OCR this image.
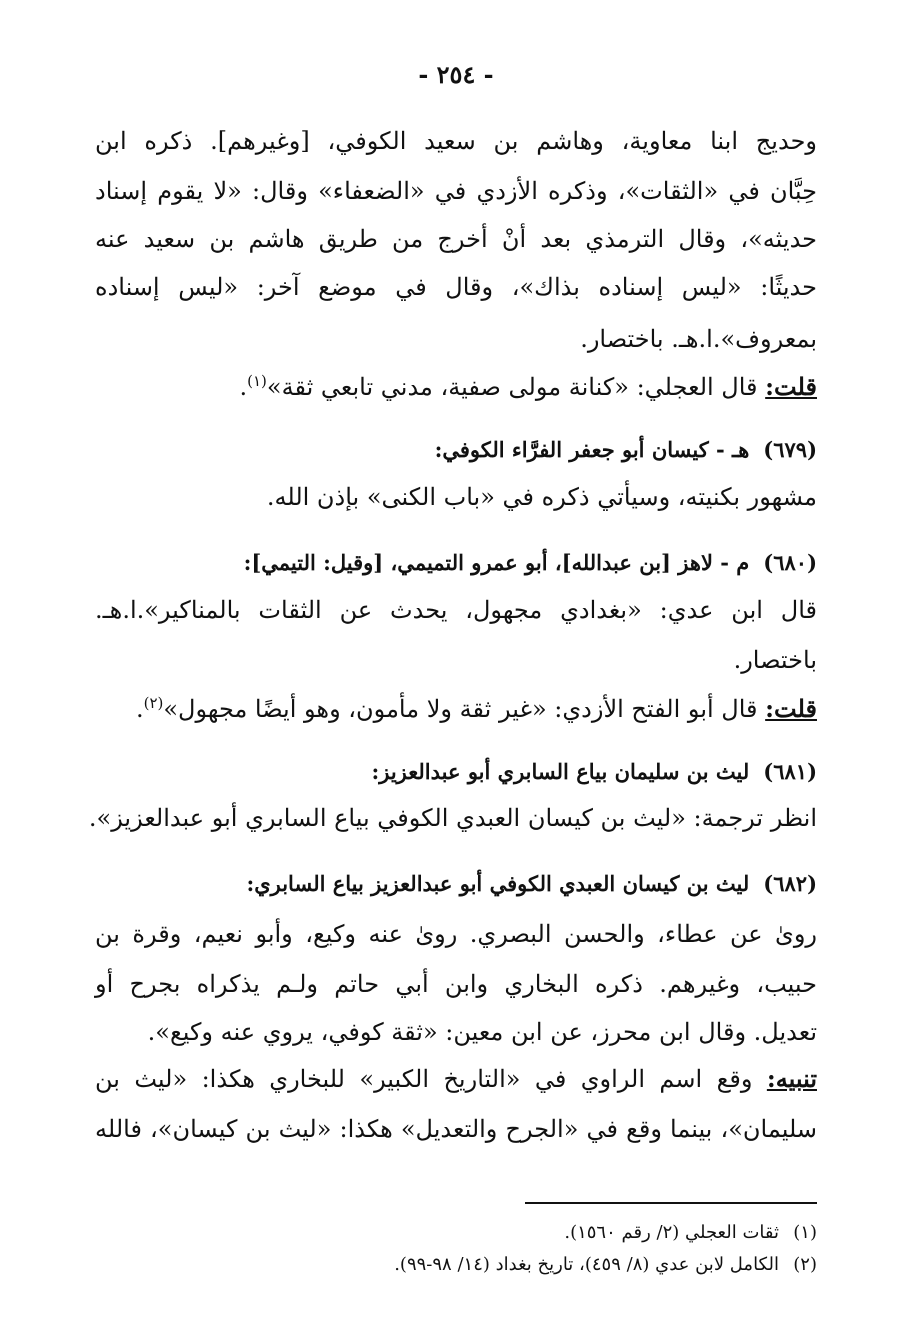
- ٢٥٤ -
وحديج ابنا معاوية، وهاشم بن سعيد الكوفي، [وغيرهم]. ذكره ابن
حِبَّان في «الثقات»، وذكره الأزدي في «الضعفاء» وقال: «لا يقوم إسناد
حديثه»، وقال الترمذي بعد أنْ أخرج من طريق هاشم بن سعيد عنه
حديثًا: «ليس إسناده بذاك»، وقال في موضع آخر: «ليس إسناده
بمعروف».ا.هـ. باختصار.
قلت: قال العجلي: «كنانة مولى صفية، مدني تابعي ثقة»$^{(١)}$.
(٦٧٩)هـ - كيسان أبو جعفر الفرَّاء الكوفي:
مشهور بكنيته، وسيأتي ذكره في «باب الكنى» بإذن الله.
(٦٨٠)م - لاهز [بن عبدالله]، أبو عمرو التميمي، [وقيل: التيمي]:
قال ابن عدي: «بغدادي مجهول، يحدث عن الثقات بالمناكير».ا.هـ.
باختصار.
قلت: قال أبو الفتح الأزدي: «غير ثقة ولا مأمون، وهو أيضًا مجهول»$^{(٢)}$.
(٦٨١)ليث بن سليمان بياع السابري أبو عبدالعزيز:
انظر ترجمة: «ليث بن كيسان العبدي الكوفي بياع السابري أبو عبدالعزيز».
(٦٨٢)ليث بن كيسان العبدي الكوفي أبو عبدالعزيز بياع السابري:
روىٰ عن عطاء، والحسن البصري. روىٰ عنه وكيع، وأبو نعيم، وقرة بن
حبيب، وغيرهم. ذكره البخاري وابن أبي حاتم ولـم يذكراه بجرح أو
تعديل. وقال ابن محرز، عن ابن معين: «ثقة كوفي، يروي عنه وكيع».
تنبيه: وقع اسم الراوي في «التاريخ الكبير» للبخاري هكذا: «ليث بن
سليمان»، بينما وقع في «الجرح والتعديل» هكذا: «ليث بن كيسان»، فالله
(١)ثقات العجلي (٢/ رقم ١٥٦٠).
(٢)الكامل لابن عدي (٨/ ٤٥٩)، تاريخ بغداد (١٤/ ٩٨-٩٩).
